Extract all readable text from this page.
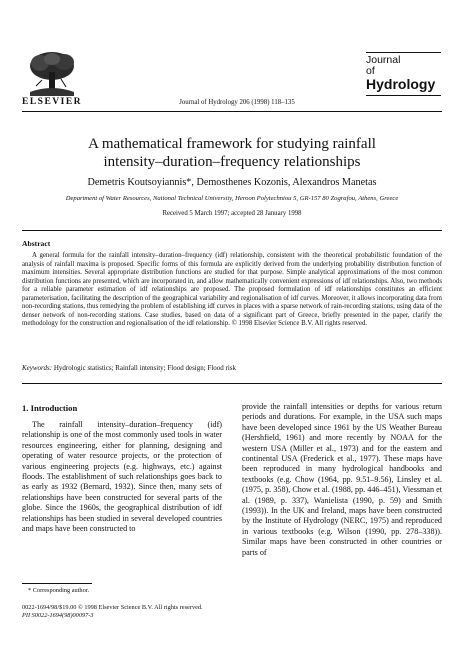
ELSEVIER	Journal of Hydrology 206 (1998) 118–135
Journal
of
Hydrology
A mathematical framework for studying rainfall
intensity–duration–frequency relationships
Demetris Koutsoyiannis*, Demosthenes Kozonis, Alexandros Manetas
Department of Water Resources, National Technical University, Heroon Polytechniou 5, GR-157 80 Zografou, Athens, Greece
Received 5 March 1997; accepted 28 January 1998
Abstract
A general formula for the rainfall intensity–duration–frequency (idf) relationship, consistent with the theoretical probabilistic foundation of the analysis of rainfall maxima is proposed. Specific forms of this formula are explicitly derived from the underlying probability distribution function of maximum intensities. Several appropriate distribution functions are studied for that purpose. Simple analytical approximations of the most common distribution functions are presented, which are incorporated in, and allow mathematically convenient expressions of idf relationships. Also, two methods for a reliable parameter estimation of idf relationships are proposed. The proposed formulation of idf relationships constitutes an efficient parameterisation, facilitating the description of the geographical variability and regionalisation of idf curves. Moreover, it allows incorporating data from non-recording stations, thus remedying the problem of establishing idf curves in places with a sparse network of rain-recording stations, using data of the denser network of non-recording stations. Case studies, based on data of a significant part of Greece, briefly presented in the paper, clarify the methodology for the construction and regionalisation of the idf relationship. © 1998 Elsevier Science B.V. All rights reserved.
Keywords: Hydrologic statistics; Rainfall intensity; Flood design; Flood risk
1. Introduction
The rainfall intensity–duration–frequency (idf) relationship is one of the most commonly used tools in water resources engineering, either for planning, designing and operating of water resource projects, or the protection of various engineering projects (e.g. highways, etc.) against floods. The establishment of such relationships goes back to as early as 1932 (Bernard, 1932). Since then, many sets of relationships have been constructed for several parts of the globe. Since the 1960s, the geographical distribution of idf relationships has been studied in several developed countries and maps have been constructed to
provide the rainfall intensities or depths for various return periods and durations. For example, in the USA such maps have been developed since 1961 by the US Weather Bureau (Hershfield, 1961) and more recently by NOAA for the western USA (Miller et al., 1973) and for the eastern and continental USA (Frederick et al., 1977). These maps have been reproduced in many hydrological handbooks and textbooks (e.g. Chow (1964, pp. 9.51–9.56), Linsley et al. (1975, p. 358), Chow et al. (1988, pp. 446–451), Viessman et al. (1989, p. 337), Wanielista (1990, p. 59) and Smith (1993)). In the UK and Ireland, maps have been constructed by the Institute of Hydrology (NERC, 1975) and reproduced in various textbooks (e.g. Wilson (1990, pp. 278–338)). Similar maps have been constructed in other countries or parts of
* Corresponding author.
0022-1694/98/$19.00 © 1998 Elsevier Science B.V. All rights reserved.
PII S0022-1694(98)00097-3
